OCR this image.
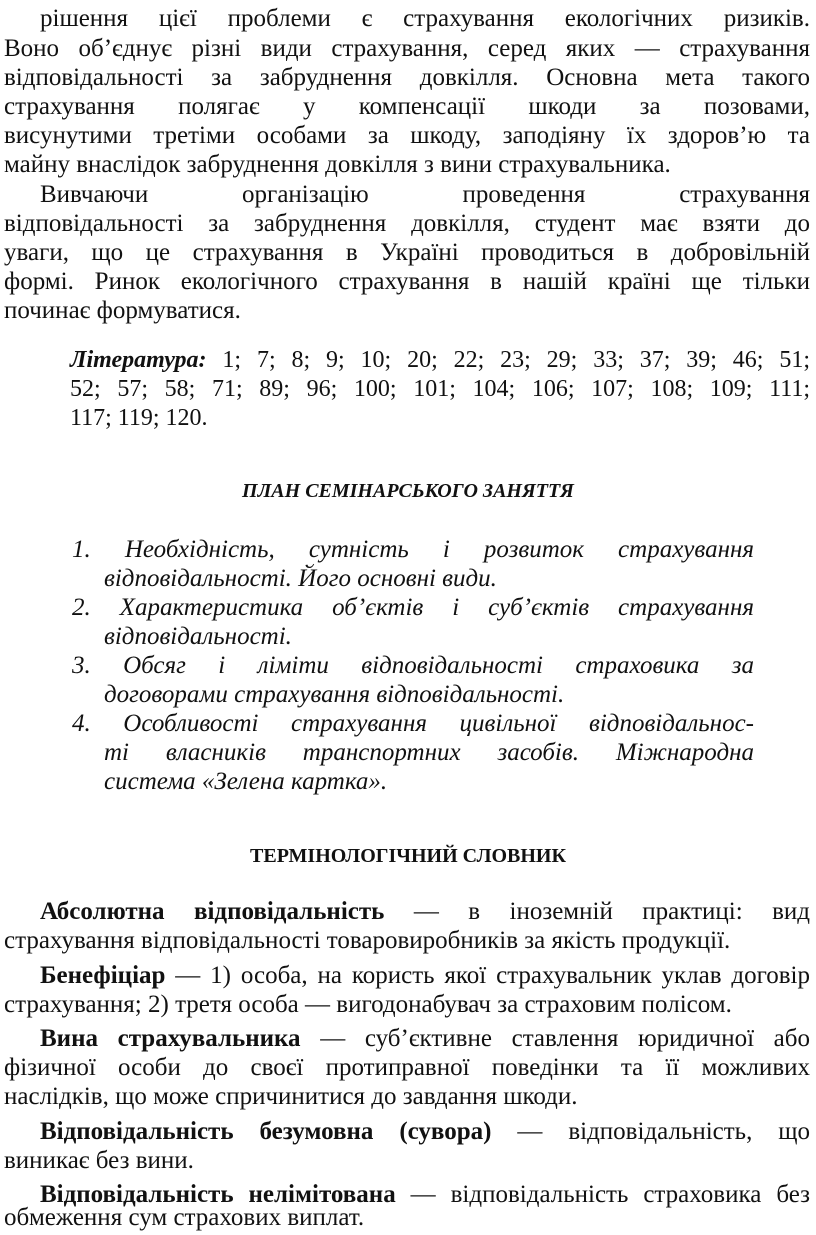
рішення цієї проблеми є страхування екологічних ризиків.
Воно об’єднує різні види страхування, серед яких — страхування
відповідальності за забруднення довкілля. Основна мета такого
страхування полягає у компенсації шкоди за позовами,
висунутими третіми особами за шкоду, заподіяну їх здоров’ю та
майну внаслідок забруднення довкілля з вини страхувальника.
Вивчаючи організацію проведення страхування
відповідальності за забруднення довкілля, студент має взяти до
уваги, що це страхування в Україні проводиться в добровільній
формі. Ринок екологічного страхування в нашій країні ще тільки
починає формуватися.
Література: 1; 7; 8; 9; 10; 20; 22; 23; 29; 33; 37; 39; 46; 51;
52; 57; 58; 71; 89; 96; 100; 101; 104; 106; 107; 108; 109; 111;
117; 119; 120.
ПЛАН СЕМІНАРСЬКОГО ЗАНЯТТЯ
1. Необхідність, сутність і розвиток страхування
відповідальності. Його основні види.
2. Характеристика об’єктів і суб’єктів страхування
відповідальності.
3. Обсяг і ліміти відповідальності страховика за
договорами страхування відповідальності.
4. Особливості страхування цивільної відповідальнос-
ті власників транспортних засобів. Міжнародна
система «Зелена картка».
ТЕРМІНОЛОГІЧНИЙ СЛОВНИК
Абсолютна відповідальність — в іноземній практиці: вид
страхування відповідальності товаровиробників за якість продукції.
Бенефіціар — 1) особа, на користь якої страхувальник уклав договір
страхування; 2) третя особа — вигодонабувач за страховим полісом.
Вина страхувальника — суб’єктивне ставлення юридичної або
фізичної особи до своєї протиправної поведінки та її можливих
наслідків, що може спричинитися до завдання шкоди.
Відповідальність безумовна (сувора) — відповідальність, що
виникає без вини.
Відповідальність нелімітована — відповідальність страховика без
обмеження сум страхових виплат.
